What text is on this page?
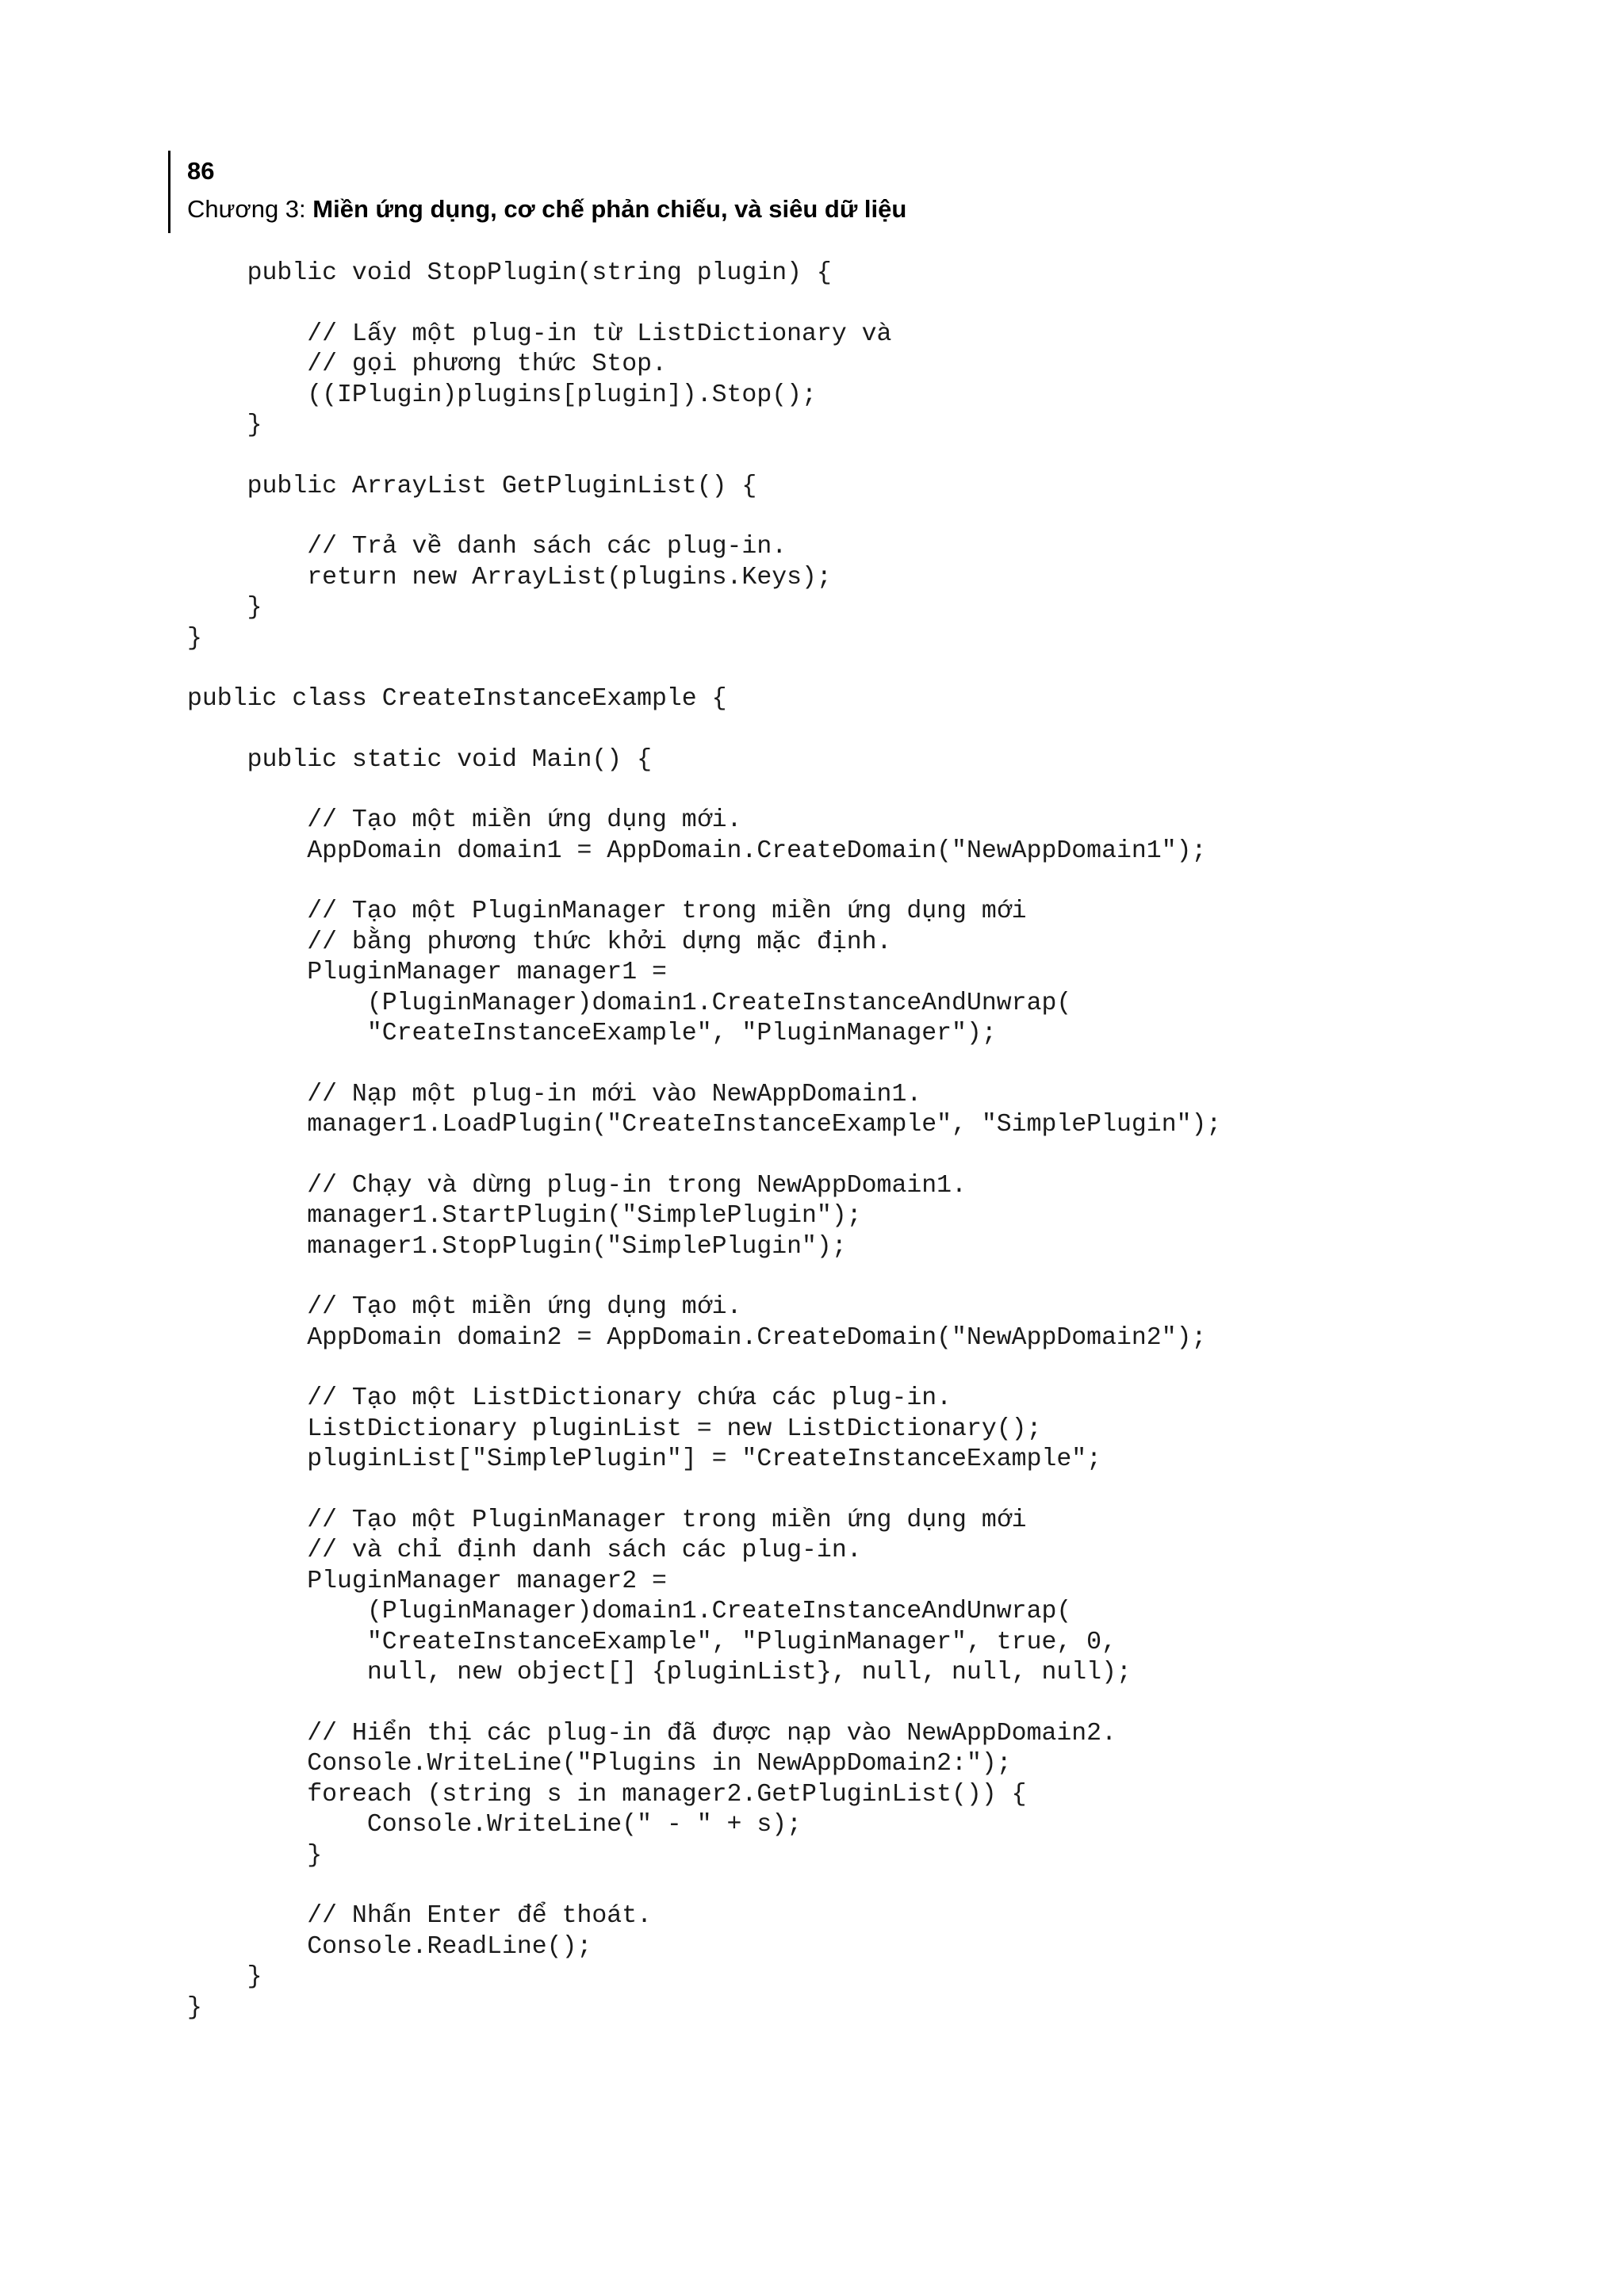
86

Chương 3: Miền ứng dụng, cơ chế phản chiếu, và siêu dữ liệu

public void StopPlugin(string plugin) {
// Lấy một plug-in từ ListDictionary và
// gọi phương thức Stop.
((IPlugin)plugins[plugin]).Stop();
}
public ArrayList GetPluginList() {
// Trả về danh sách các plug-in.
return new ArrayList(plugins.Keys);
}
}
public class CreateInstanceExample {
public static void Main() {
// Tạo một miền ứng dụng mới.
AppDomain domain1 = AppDomain.CreateDomain("NewAppDomain1");
// Tạo một PluginManager trong miền ứng dụng mới
// bằng phương thức khởi dựng mặc định.
PluginManager manager1 =
(PluginManager)domain1.CreateInstanceAndUnwrap(
"CreateInstanceExample", "PluginManager");
// Nạp một plug-in mới vào NewAppDomain1.
manager1.LoadPlugin("CreateInstanceExample", "SimplePlugin");
// Chạy và dừng plug-in trong NewAppDomain1.
manager1.StartPlugin("SimplePlugin");
manager1.StopPlugin("SimplePlugin");
// Tạo một miền ứng dụng mới.
AppDomain domain2 = AppDomain.CreateDomain("NewAppDomain2");
// Tạo một ListDictionary chứa các plug-in.
ListDictionary pluginList = new ListDictionary();
pluginList["SimplePlugin"] = "CreateInstanceExample";
// Tạo một PluginManager trong miền ứng dụng mới
// và chỉ định danh sách các plug-in.
PluginManager manager2 =
(PluginManager)domain1.CreateInstanceAndUnwrap(
"CreateInstanceExample", "PluginManager", true, 0,
null, new object[] {pluginList}, null, null, null);
// Hiển thị các plug-in đã được nạp vào NewAppDomain2.
Console.WriteLine("Plugins in NewAppDomain2:");
foreach (string s in manager2.GetPluginList()) {
Console.WriteLine(" - " + s);
}
// Nhấn Enter để thoát.
Console.ReadLine();
}
}
